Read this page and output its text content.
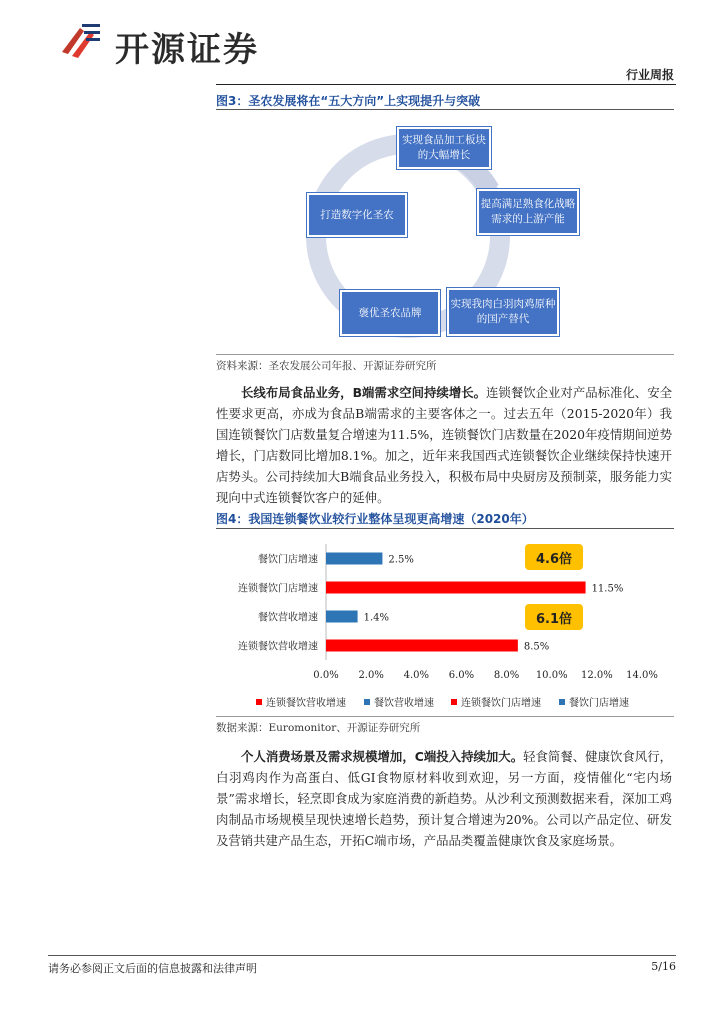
开源证券
行业周报
图3：圣农发展将在“五大方向”上实现提升与突破
实现食品加工板块的大幅增长
提高满足熟食化战略需求的上游产能
实现我肉白羽肉鸡原种的国产替代
褒优圣农品牌
打造数字化圣农
资料来源：圣农发展公司年报、开源证券研究所
长线布局食品业务，B端需求空间持续增长。连锁餐饮企业对产品标准化、安全性要求更高，亦成为食品B端需求的主要客体之一。过去五年（2015-2020年）我国连锁餐饮门店数量复合增速为11.5%，连锁餐饮门店数量在2020年疫情期间逆势增长，门店数同比增加8.1%。加之，近年来我国西式连锁餐饮企业继续保持快速开店势头。公司持续加大B端食品业务投入，积极布局中央厨房及预制菜，服务能力实现向中式连锁餐饮客户的延伸。
图4：我国连锁餐饮业较行业整体呈现更高增速（2020年）
餐饮门店增速	2.5%
连锁餐饮门店增速	11.5%
餐饮营收增速	1.4%
连锁餐饮营收增速	8.5%
0.0% 2.0% 4.0% 6.0% 8.0% 10.0% 12.0% 14.0%
连锁餐饮营收增速	餐饮营收增速	连锁餐饮门店增速	餐饮门店增速
4.6倍
6.1倍
数据来源：Euromonitor、开源证券研究所
个人消费场景及需求规模增加，C端投入持续加大。轻食简餐、健康饮食风行，白羽鸡肉作为高蛋白、低GI食物原材料收到欢迎，另一方面，疫情催化“宅内场景”需求增长，轻烹即食成为家庭消费的新趋势。从沙利文预测数据来看，深加工鸡肉制品市场规模呈现快速增长趋势，预计复合增速为20%。公司以产品定位、研发及营销共建产品生态，开拓C端市场，产品品类覆盖健康饮食及家庭场景。
请务必参阅正文后面的信息披露和法律声明	5/16
